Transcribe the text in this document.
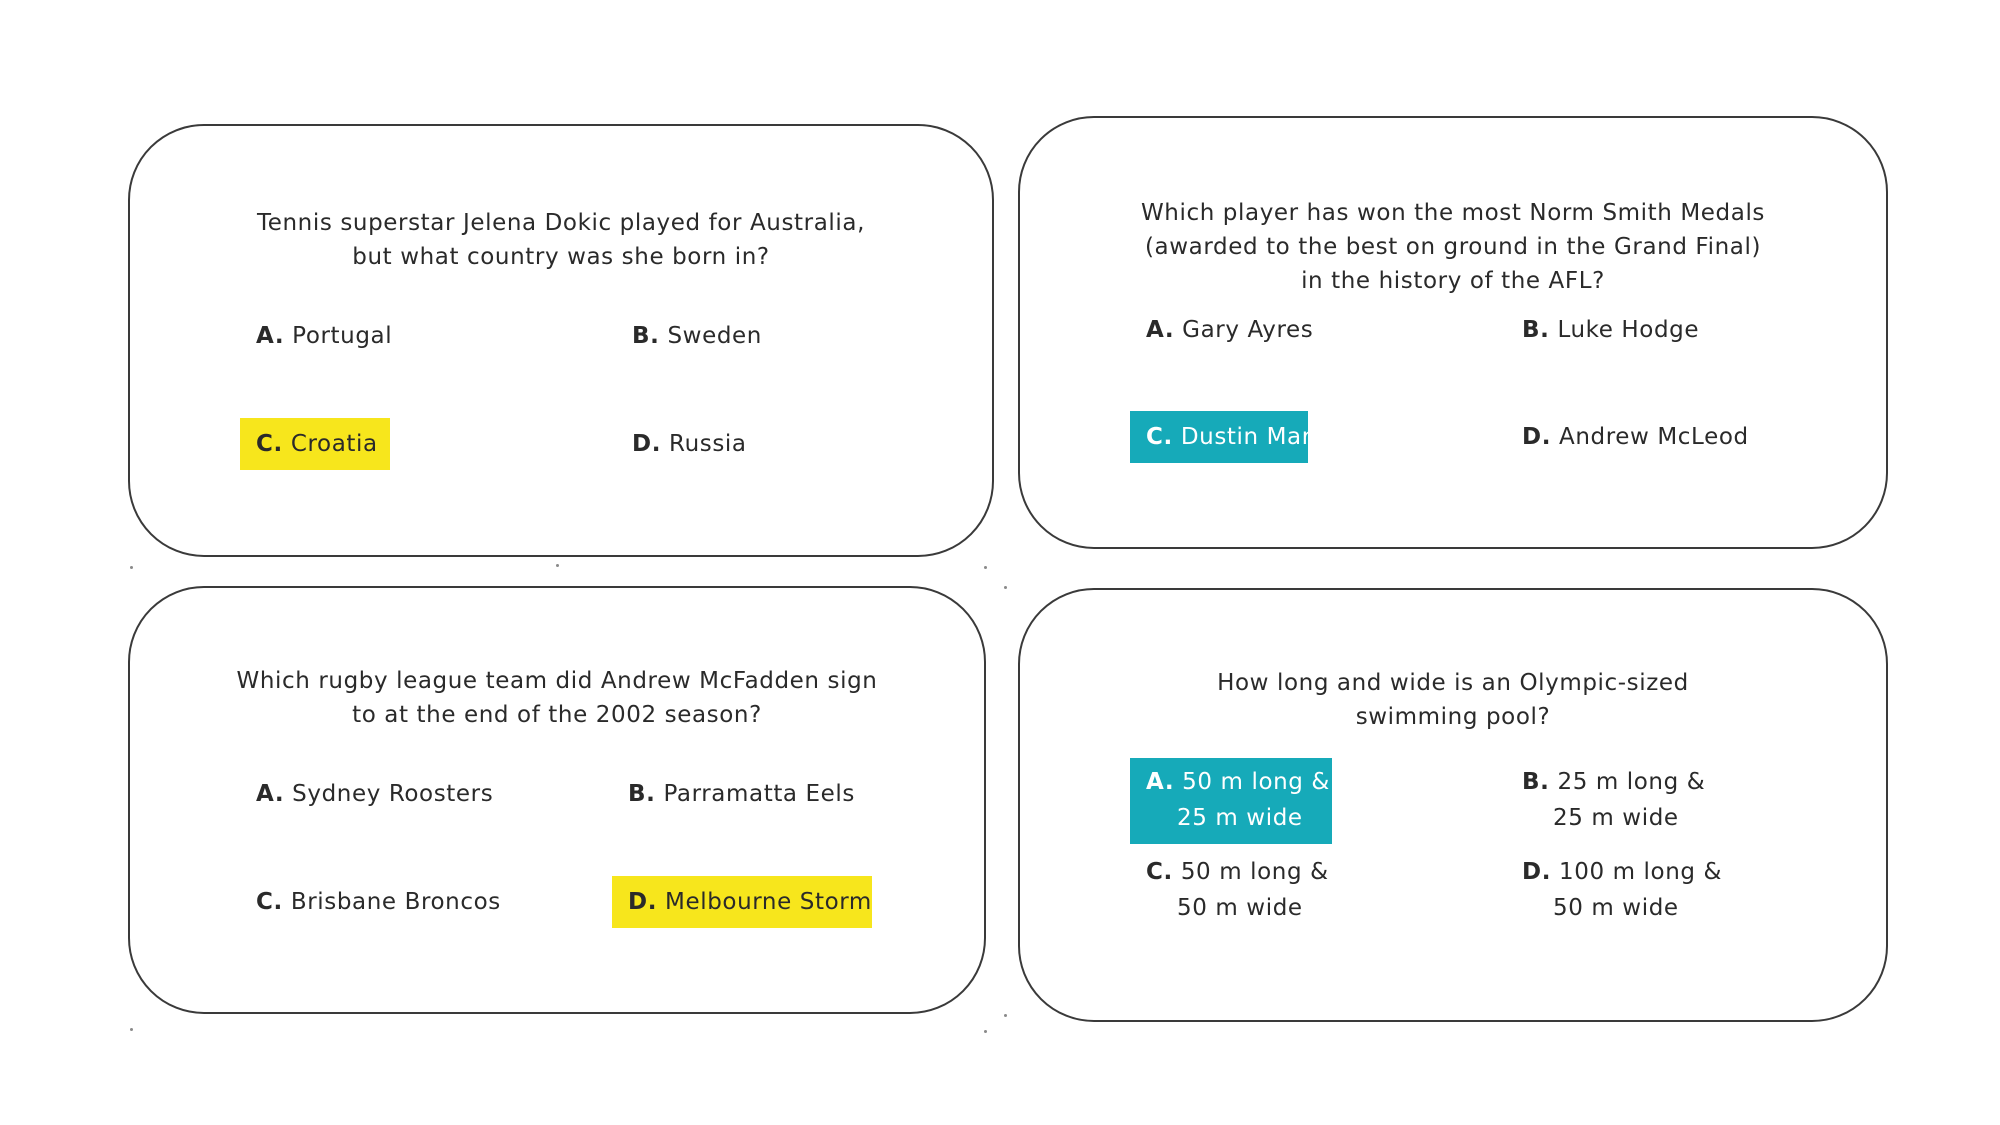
Tennis superstar Jelena Dokic played for Australia,
but what country was she born in?
A. Portugal	B. Sweden
C. Croatia	D. Russia
Which player has won the most Norm Smith Medals
(awarded to the best on ground in the Grand Final)
in the history of the AFL?
A. Gary Ayres	B. Luke Hodge
C. Dustin Martin	D. Andrew McLeod
Which rugby league team did Andrew McFadden sign
to at the end of the 2002 season?
A. Sydney Roosters	B. Parramatta Eels
C. Brisbane Broncos	D. Melbourne Storm
How long and wide is an Olympic-sized
swimming pool?
A. 50 m long &
25 m wide
B. 25 m long &
25 m wide
C. 50 m long &
50 m wide
D. 100 m long &
50 m wide
